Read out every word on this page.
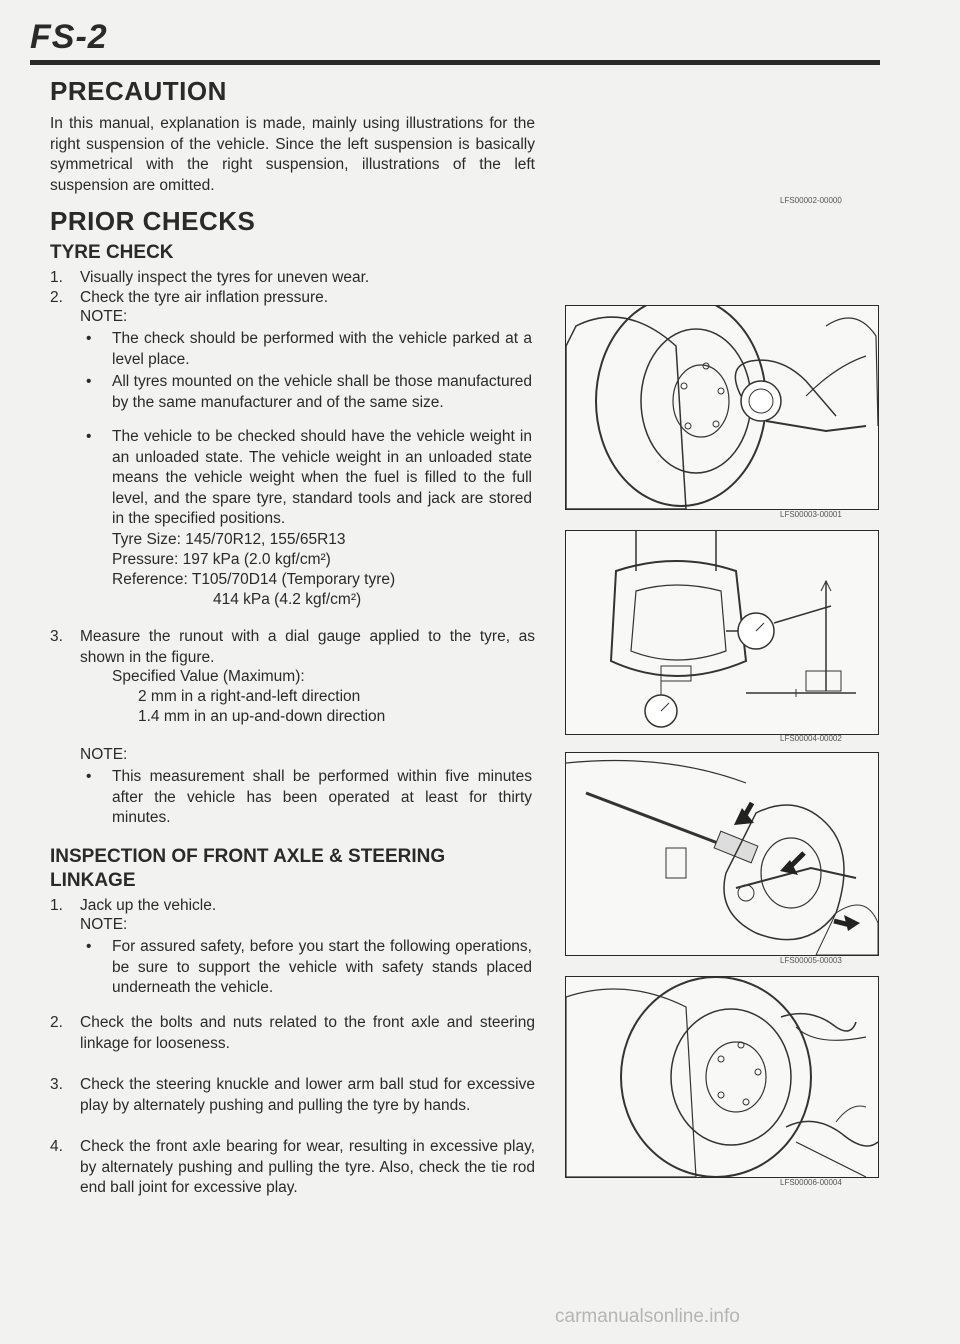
FS-2
PRECAUTION
In this manual, explanation is made, mainly using illustrations for the right suspension of the vehicle. Since the left suspension is basically symmetrical with the right suspension, illustrations of the left suspension are omitted.
LFS00002-00000
PRIOR CHECKS
TYRE CHECK
1. Visually inspect the tyres for uneven wear.
2. Check the tyre air inflation pressure.
NOTE:
• The check should be performed with the vehicle parked at a level place.
• All tyres mounted on the vehicle shall be those manufactured by the same manufacturer and of the same size.
• The vehicle to be checked should have the vehicle weight in an unloaded state. The vehicle weight in an unloaded state means the vehicle weight when the fuel is filled to the full level, and the spare tyre, standard tools and jack are stored in the specified positions.
Tyre Size: 145/70R12, 155/65R13
Pressure: 197 kPa (2.0 kgf/cm²)
Reference: T105/70D14 (Temporary tyre)
414 kPa (4.2 kgf/cm²)
3. Measure the runout with a dial gauge applied to the tyre, as shown in the figure.
Specified Value (Maximum):
2 mm in a right-and-left direction
1.4 mm in an up-and-down direction
NOTE:
• This measurement shall be performed within five minutes after the vehicle has been operated at least for thirty minutes.
INSPECTION OF FRONT AXLE & STEERING
LINKAGE
1. Jack up the vehicle.
NOTE:
• For assured safety, before you start the following operations, be sure to support the vehicle with safety stands placed underneath the vehicle.
2. Check the bolts and nuts related to the front axle and steering linkage for looseness.
3. Check the steering knuckle and lower arm ball stud for excessive play by alternately pushing and pulling the tyre by hands.
4. Check the front axle bearing for wear, resulting in excessive play, by alternately pushing and pulling the tyre. Also, check the tie rod end ball joint for excessive play.
LFS00003-00001
LFS00004-00002
LFS00005-00003
LFS00006-00004
carmanualsonline.info
